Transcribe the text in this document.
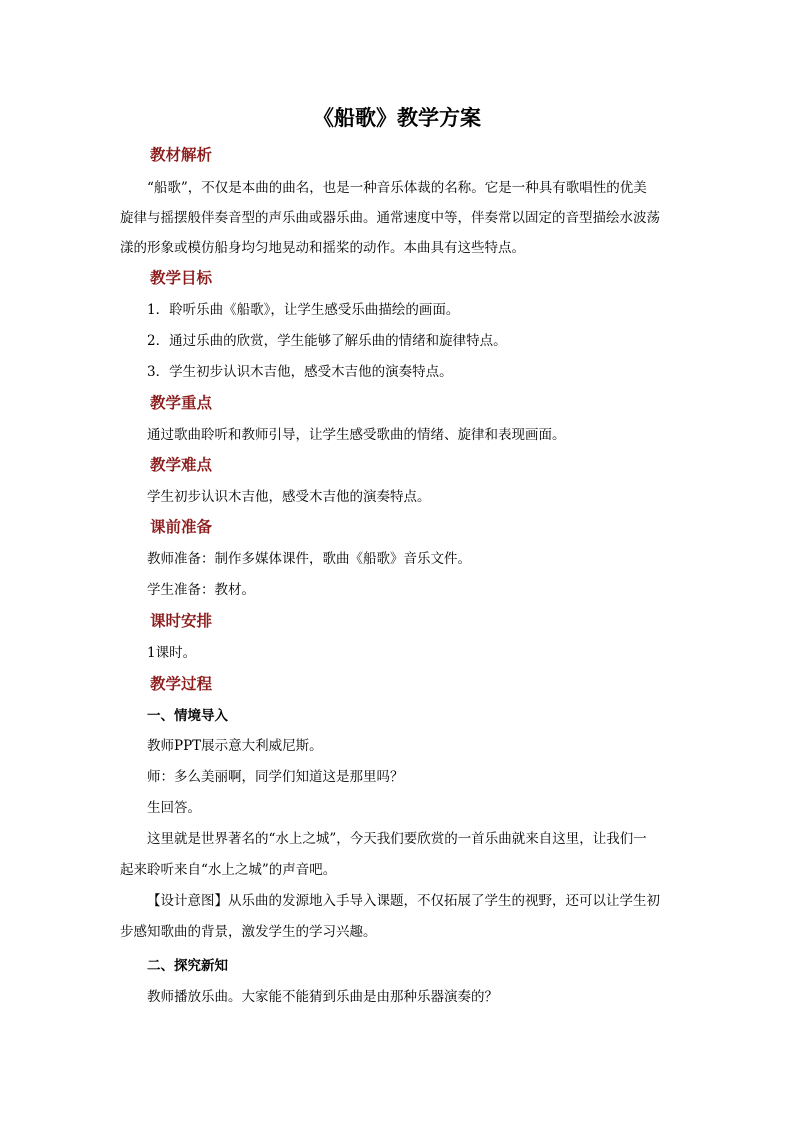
《船歌》教学方案
教材解析
“船歌”，不仅是本曲的曲名，也是一种音乐体裁的名称。它是一种具有歌唱性的优美
旋律与摇摆般伴奏音型的声乐曲或器乐曲。通常速度中等，伴奏常以固定的音型描绘水波荡
漾的形象或模仿船身均匀地晃动和摇桨的动作。本曲具有这些特点。
教学目标
1．聆听乐曲《船歌》，让学生感受乐曲描绘的画面。
2．通过乐曲的欣赏，学生能够了解乐曲的情绪和旋律特点。
3．学生初步认识木吉他，感受木吉他的演奏特点。
教学重点
通过歌曲聆听和教师引导，让学生感受歌曲的情绪、旋律和表现画面。
教学难点
学生初步认识木吉他，感受木吉他的演奏特点。
课前准备
教师准备：制作多媒体课件，歌曲《船歌》音乐文件。
学生准备：教材。
课时安排
1课时。
教学过程
一、情境导入
教师PPT展示意大利威尼斯。
师：多么美丽啊，同学们知道这是那里吗？
生回答。
这里就是世界著名的“水上之城”，今天我们要欣赏的一首乐曲就来自这里，让我们一
起来聆听来自“水上之城”的声音吧。
【设计意图】从乐曲的发源地入手导入课题，不仅拓展了学生的视野，还可以让学生初
步感知歌曲的背景，激发学生的学习兴趣。
二、探究新知
教师播放乐曲。大家能不能猜到乐曲是由那种乐器演奏的？
